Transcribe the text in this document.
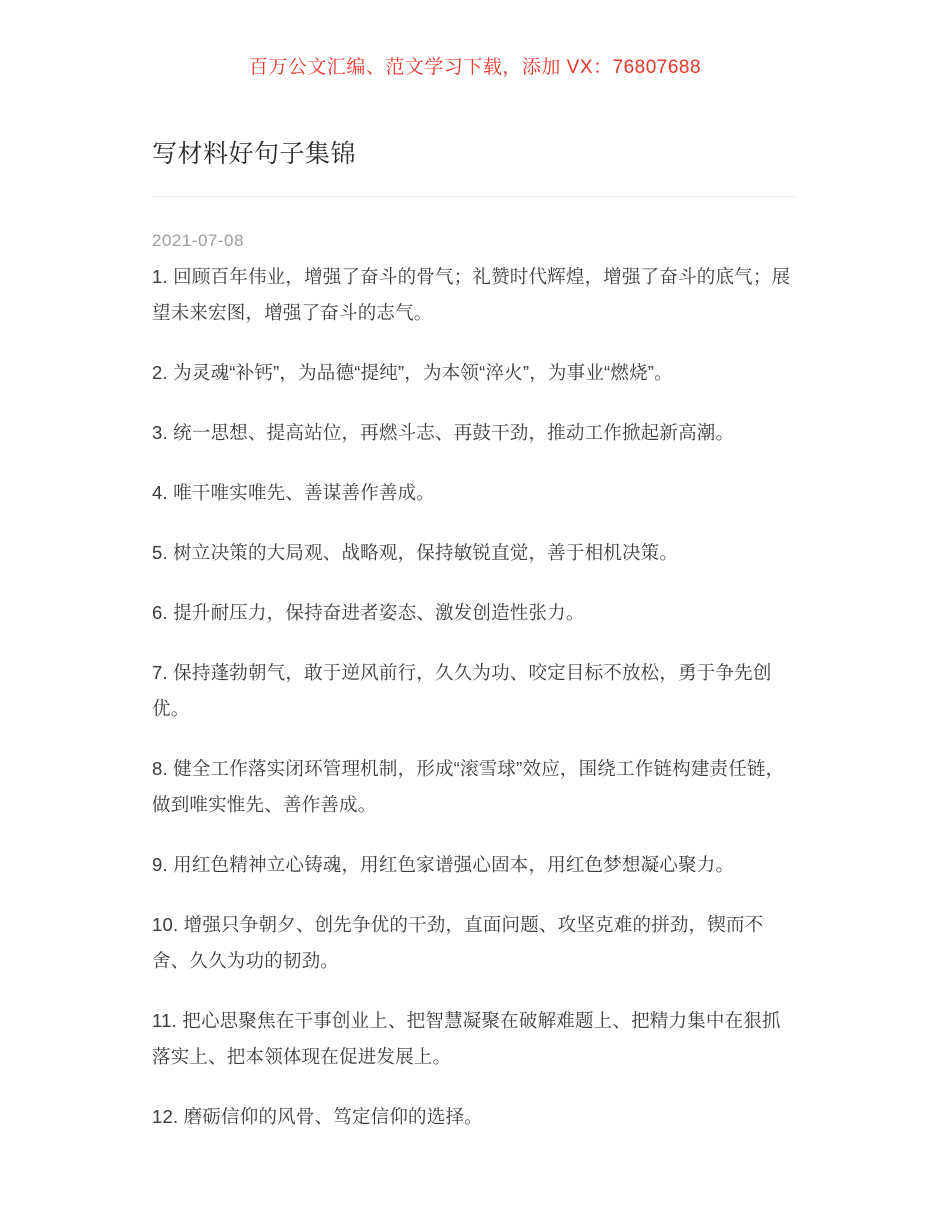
百万公文汇编、范文学习下载，添加 VX：76807688
写材料好句子集锦
2021-07-08

1. 回顾百年伟业，增强了奋斗的骨气；礼赞时代辉煌，增强了奋斗的底气；展望未来宏图，增强了奋斗的志气。

2. 为灵魂“补钙”，为品德“提纯”，为本领“淬火”，为事业“燃烧”。

3. 统一思想、提高站位，再燃斗志、再鼓干劲，推动工作掀起新高潮。

4. 唯干唯实唯先、善谋善作善成。

5. 树立决策的大局观、战略观，保持敏锐直觉，善于相机决策。

6. 提升耐压力，保持奋进者姿态、激发创造性张力。

7. 保持蓬勃朝气，敢于逆风前行，久久为功、咬定目标不放松，勇于争先创优。

8. 健全工作落实闭环管理机制，形成“滚雪球”效应，围绕工作链构建责任链，做到唯实惟先、善作善成。

9. 用红色精神立心铸魂，用红色家谱强心固本，用红色梦想凝心聚力。

10. 增强只争朝夕、创先争优的干劲，直面问题、攻坚克难的拼劲，锲而不舍、久久为功的韧劲。

11. 把心思聚焦在干事创业上、把智慧凝聚在破解难题上、把精力集中在狠抓落实上、把本领体现在促进发展上。

12. 磨砺信仰的风骨、笃定信仰的选择。
